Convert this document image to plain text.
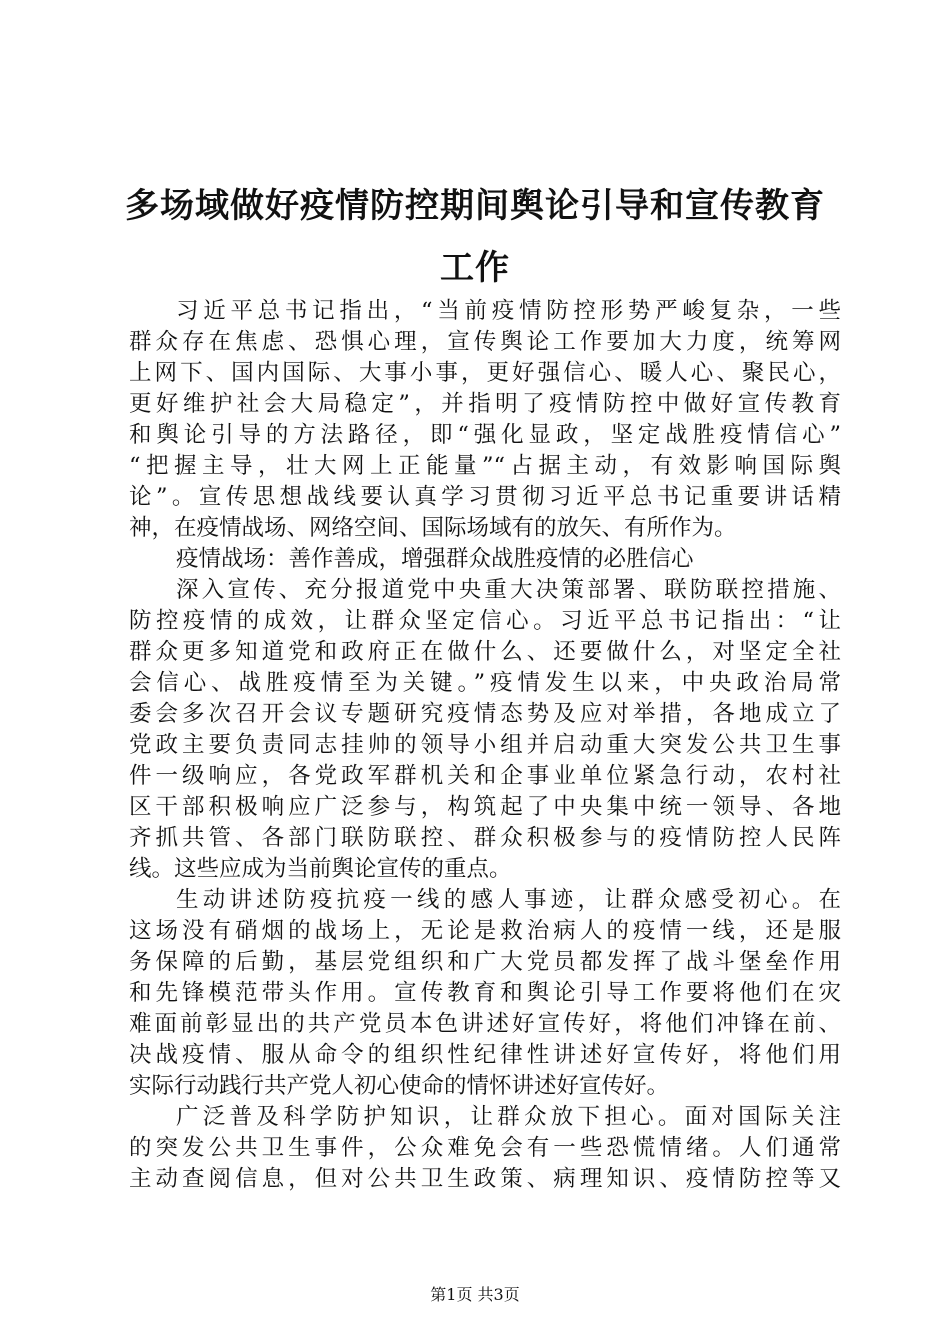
多场域做好疫情防控期间舆论引导和宣传教育
工作
习近平总书记指出，“当前疫情防控形势严峻复杂，一些
群众存在焦虑、恐惧心理，宣传舆论工作要加大力度，统筹网
上网下、国内国际、大事小事，更好强信心、暖人心、聚民心，
更好维护社会大局稳定”，并指明了疫情防控中做好宣传教育
和舆论引导的方法路径，即“强化显政，坚定战胜疫情信心”
“把握主导，壮大网上正能量”“占据主动，有效影响国际舆
论”。宣传思想战线要认真学习贯彻习近平总书记重要讲话精
神，在疫情战场、网络空间、国际场域有的放矢、有所作为。
疫情战场：善作善成，增强群众战胜疫情的必胜信心
深入宣传、充分报道党中央重大决策部署、联防联控措施、
防控疫情的成效，让群众坚定信心。习近平总书记指出：“让
群众更多知道党和政府正在做什么、还要做什么，对坚定全社
会信心、战胜疫情至为关键。”疫情发生以来，中央政治局常
委会多次召开会议专题研究疫情态势及应对举措，各地成立了
党政主要负责同志挂帅的领导小组并启动重大突发公共卫生事
件一级响应，各党政军群机关和企事业单位紧急行动，农村社
区干部积极响应广泛参与，构筑起了中央集中统一领导、各地
齐抓共管、各部门联防联控、群众积极参与的疫情防控人民阵
线。这些应成为当前舆论宣传的重点。
生动讲述防疫抗疫一线的感人事迹，让群众感受初心。在
这场没有硝烟的战场上，无论是救治病人的疫情一线，还是服
务保障的后勤，基层党组织和广大党员都发挥了战斗堡垒作用
和先锋模范带头作用。宣传教育和舆论引导工作要将他们在灾
难面前彰显出的共产党员本色讲述好宣传好，将他们冲锋在前、
决战疫情、服从命令的组织性纪律性讲述好宣传好，将他们用
实际行动践行共产党人初心使命的情怀讲述好宣传好。
广泛普及科学防护知识，让群众放下担心。面对国际关注
的突发公共卫生事件，公众难免会有一些恐慌情绪。人们通常
主动查阅信息，但对公共卫生政策、病理知识、疫情防控等又
第1页 共3页
